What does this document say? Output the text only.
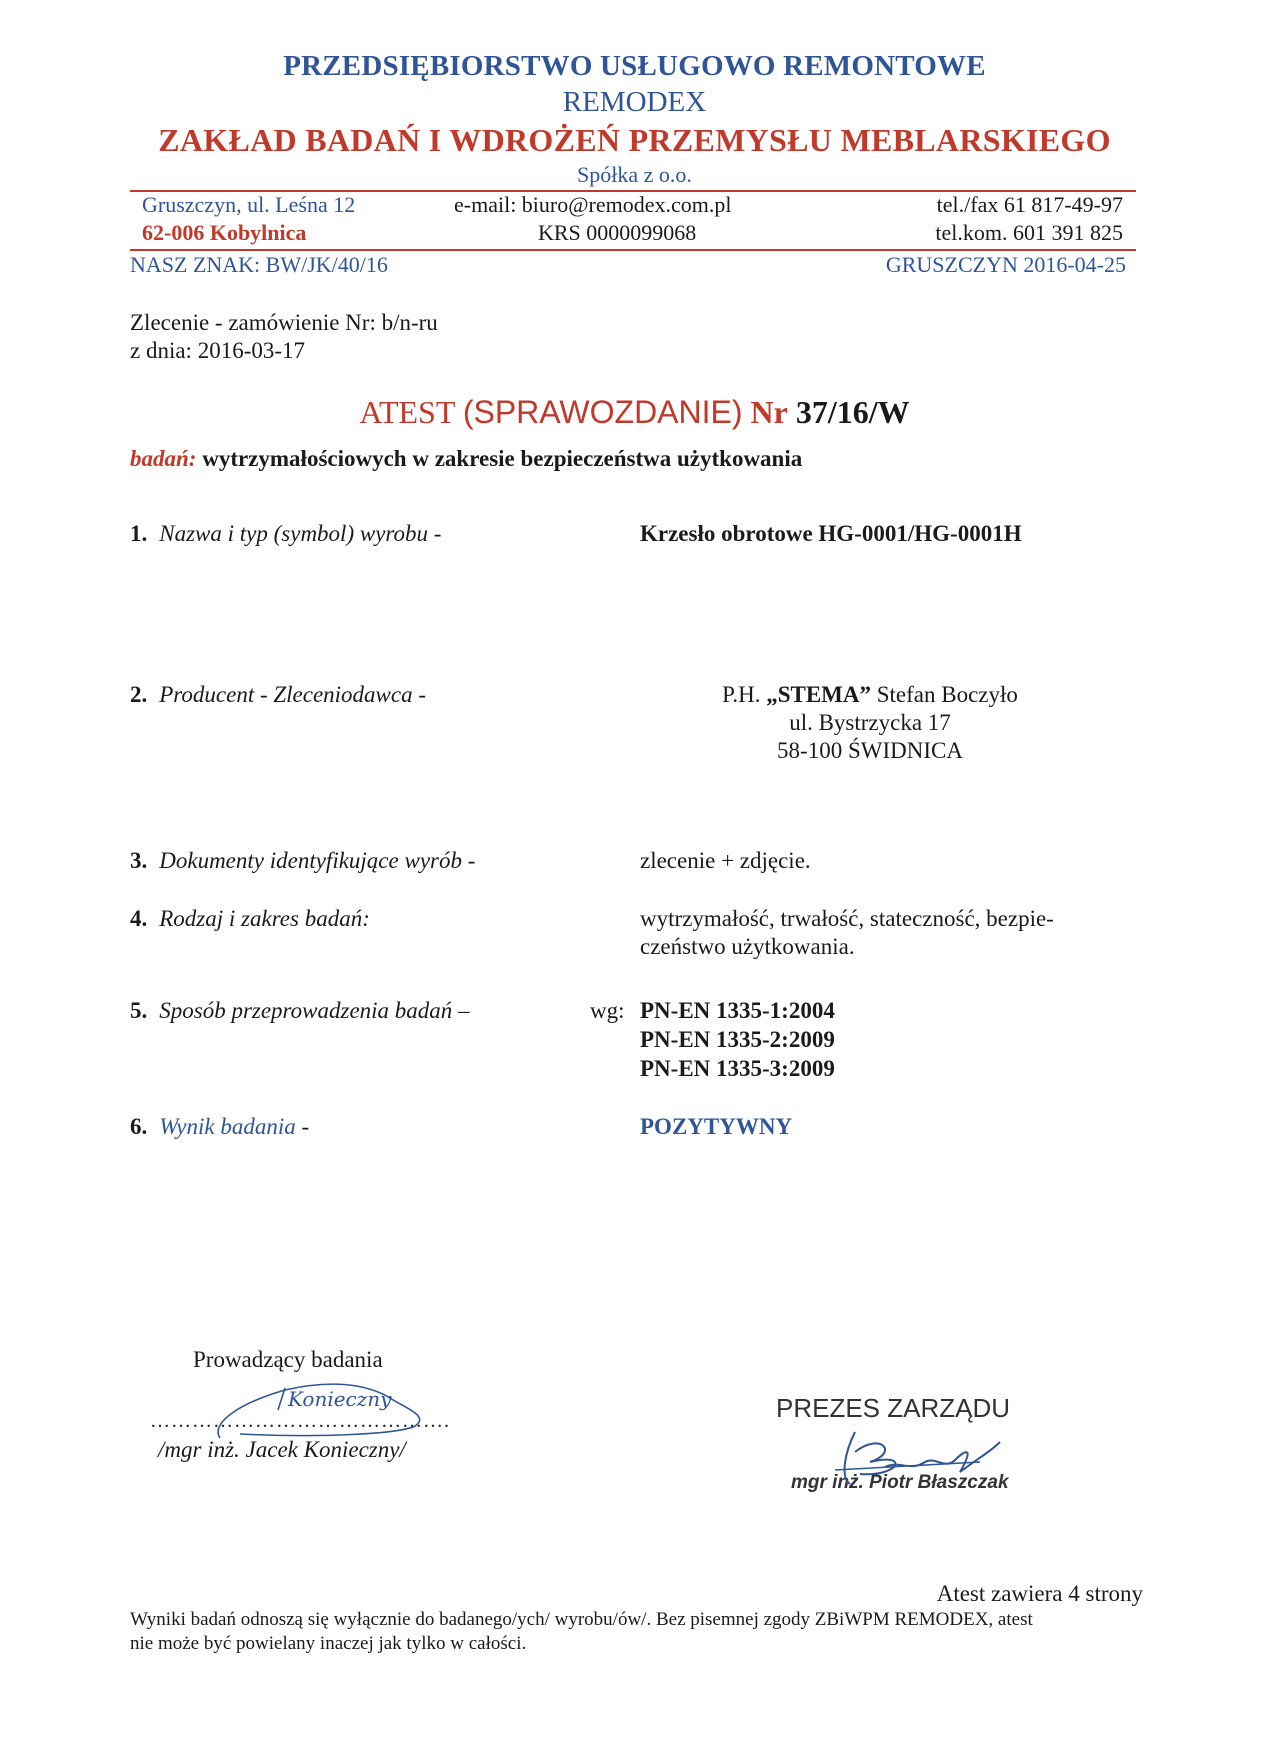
PRZEDSIĘBIORSTWO USŁUGOWO REMONTOWE
REMODEX
ZAKŁAD BADAŃ I WDROŻEŃ PRZEMYSŁU MEBLARSKIEGO
Spółka z o.o.
Gruszczyn, ul. Leśna 12	e-mail: biuro@remodex.com.pl	tel./fax 61 817-49-97
62-006 Kobylnica	KRS 0000099068	tel.kom. 601 391 825
NASZ ZNAK: BW/JK/40/16	GRUSZCZYN 2016-04-25
Zlecenie - zamówienie Nr: b/n-ru
z dnia: 2016-03-17
ATEST (SPRAWOZDANIE) Nr 37/16/W
badań: wytrzymałościowych w zakresie bezpieczeństwa użytkowania
1. Nazwa i typ (symbol) wyrobu -	Krzesło obrotowe HG-0001/HG-0001H
2. Producent - Zleceniodawca -	P.H. „STEMA” Stefan Boczyło
ul. Bystrzycka 17
58-100 ŚWIDNICA
3. Dokumenty identyfikujące wyrób -	zlecenie + zdjęcie.
4. Rodzaj i zakres badań:	wytrzymałość, trwałość, stateczność, bezpie-
czeństwo użytkowania.
5. Sposób przeprowadzenia badań –	wg: PN-EN 1335-1:2004
PN-EN 1335-2:2009
PN-EN 1335-3:2009
6. Wynik badania -	POZYTYWNY
Prowadzący badania
…………………………………….
/mgr inż. Jacek Konieczny/
Konieczny	PREZES ZARZĄDU
mgr inż. Piotr Błaszczak
Atest zawiera 4 strony
Wyniki badań odnoszą się wyłącznie do badanego/ych/ wyrobu/ów/. Bez pisemnej zgody ZBiWPM REMODEX, atest
nie może być powielany inaczej jak tylko w całości.
